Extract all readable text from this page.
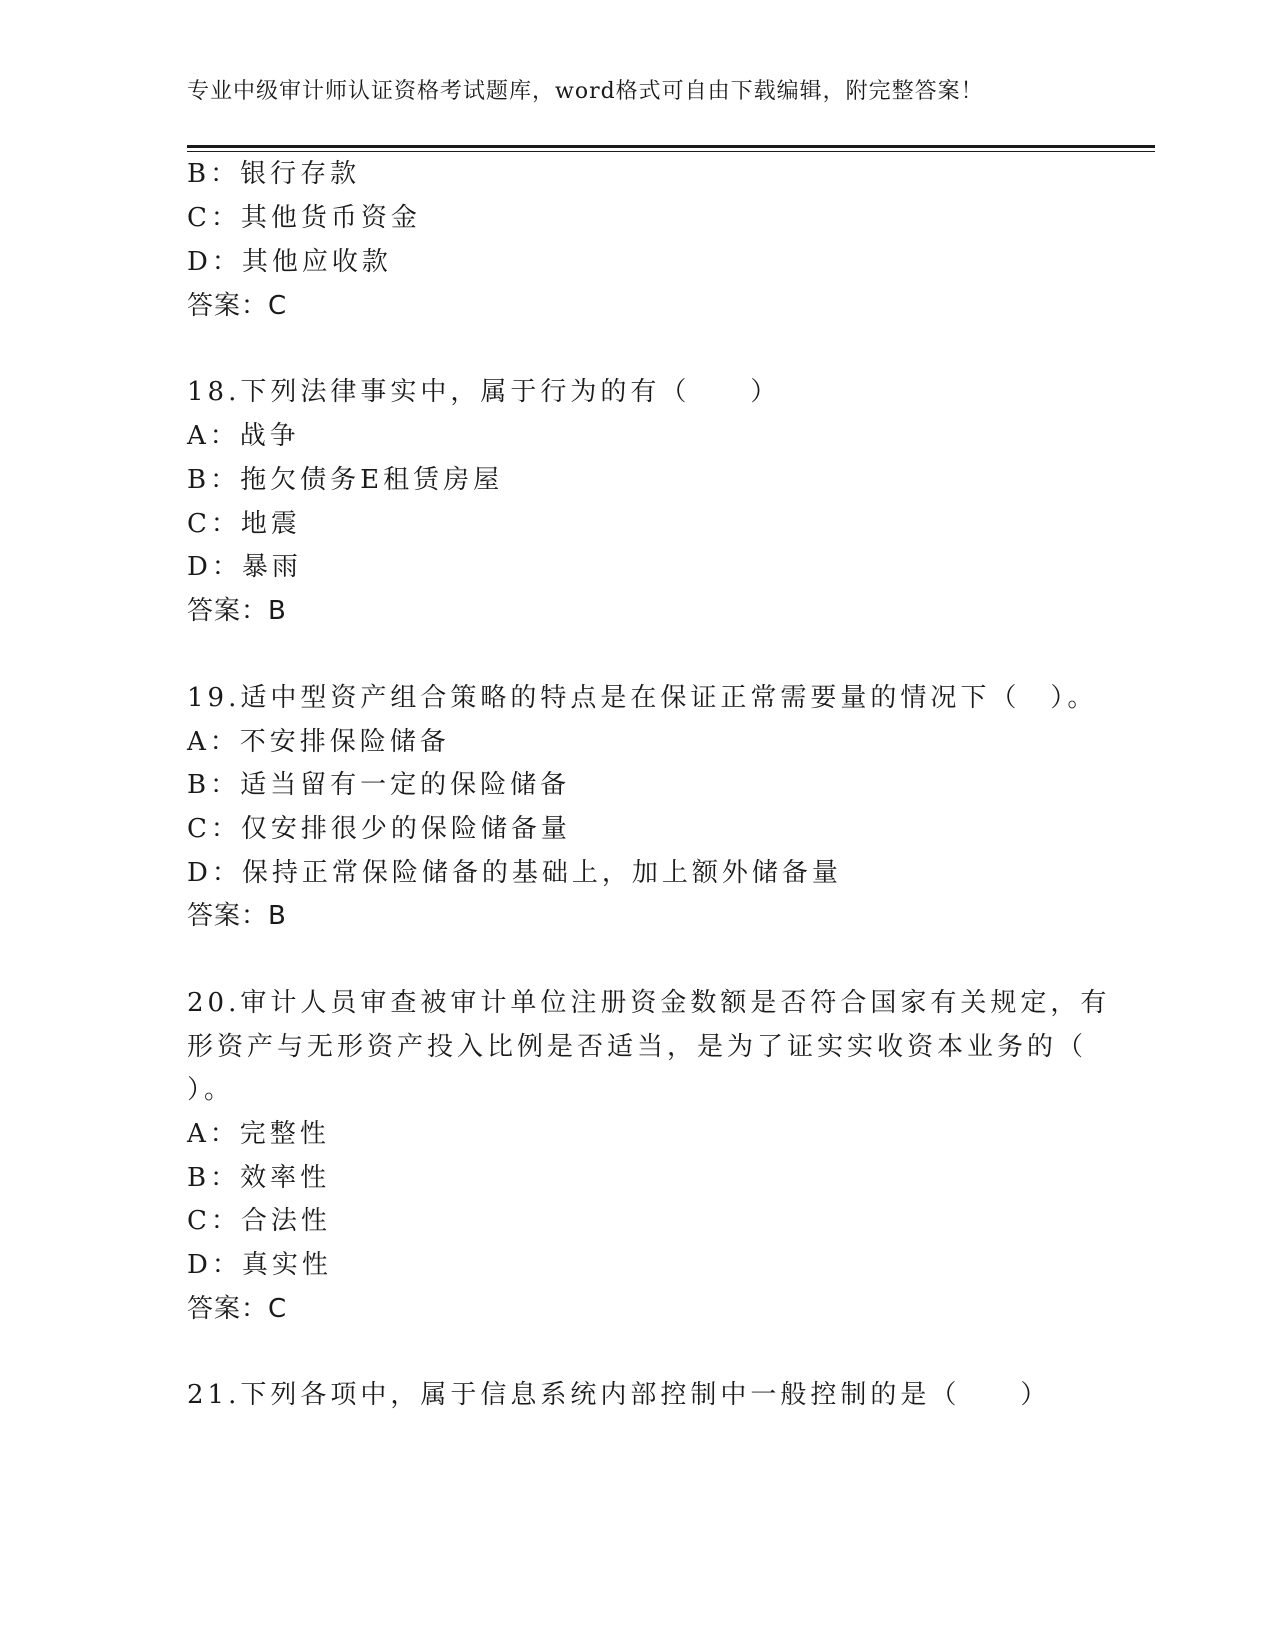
专业中级审计师认证资格考试题库，word格式可自由下载编辑，附完整答案！
B：银行存款
C：其他货币资金
D：其他应收款
答案：C
18.下列法律事实中，属于行为的有（　　）
A：战争
B：拖欠债务E租赁房屋
C：地震
D：暴雨
答案：B
19.适中型资产组合策略的特点是在保证正常需要量的情况下（　）。
A：不安排保险储备
B：适当留有一定的保险储备
C：仅安排很少的保险储备量
D：保持正常保险储备的基础上，加上额外储备量
答案：B
20.审计人员审查被审计单位注册资金数额是否符合国家有关规定，有
形资产与无形资产投入比例是否适当，是为了证实实收资本业务的（
）。
A：完整性
B：效率性
C：合法性
D：真实性
答案：C
21.下列各项中，属于信息系统内部控制中一般控制的是（　　）
